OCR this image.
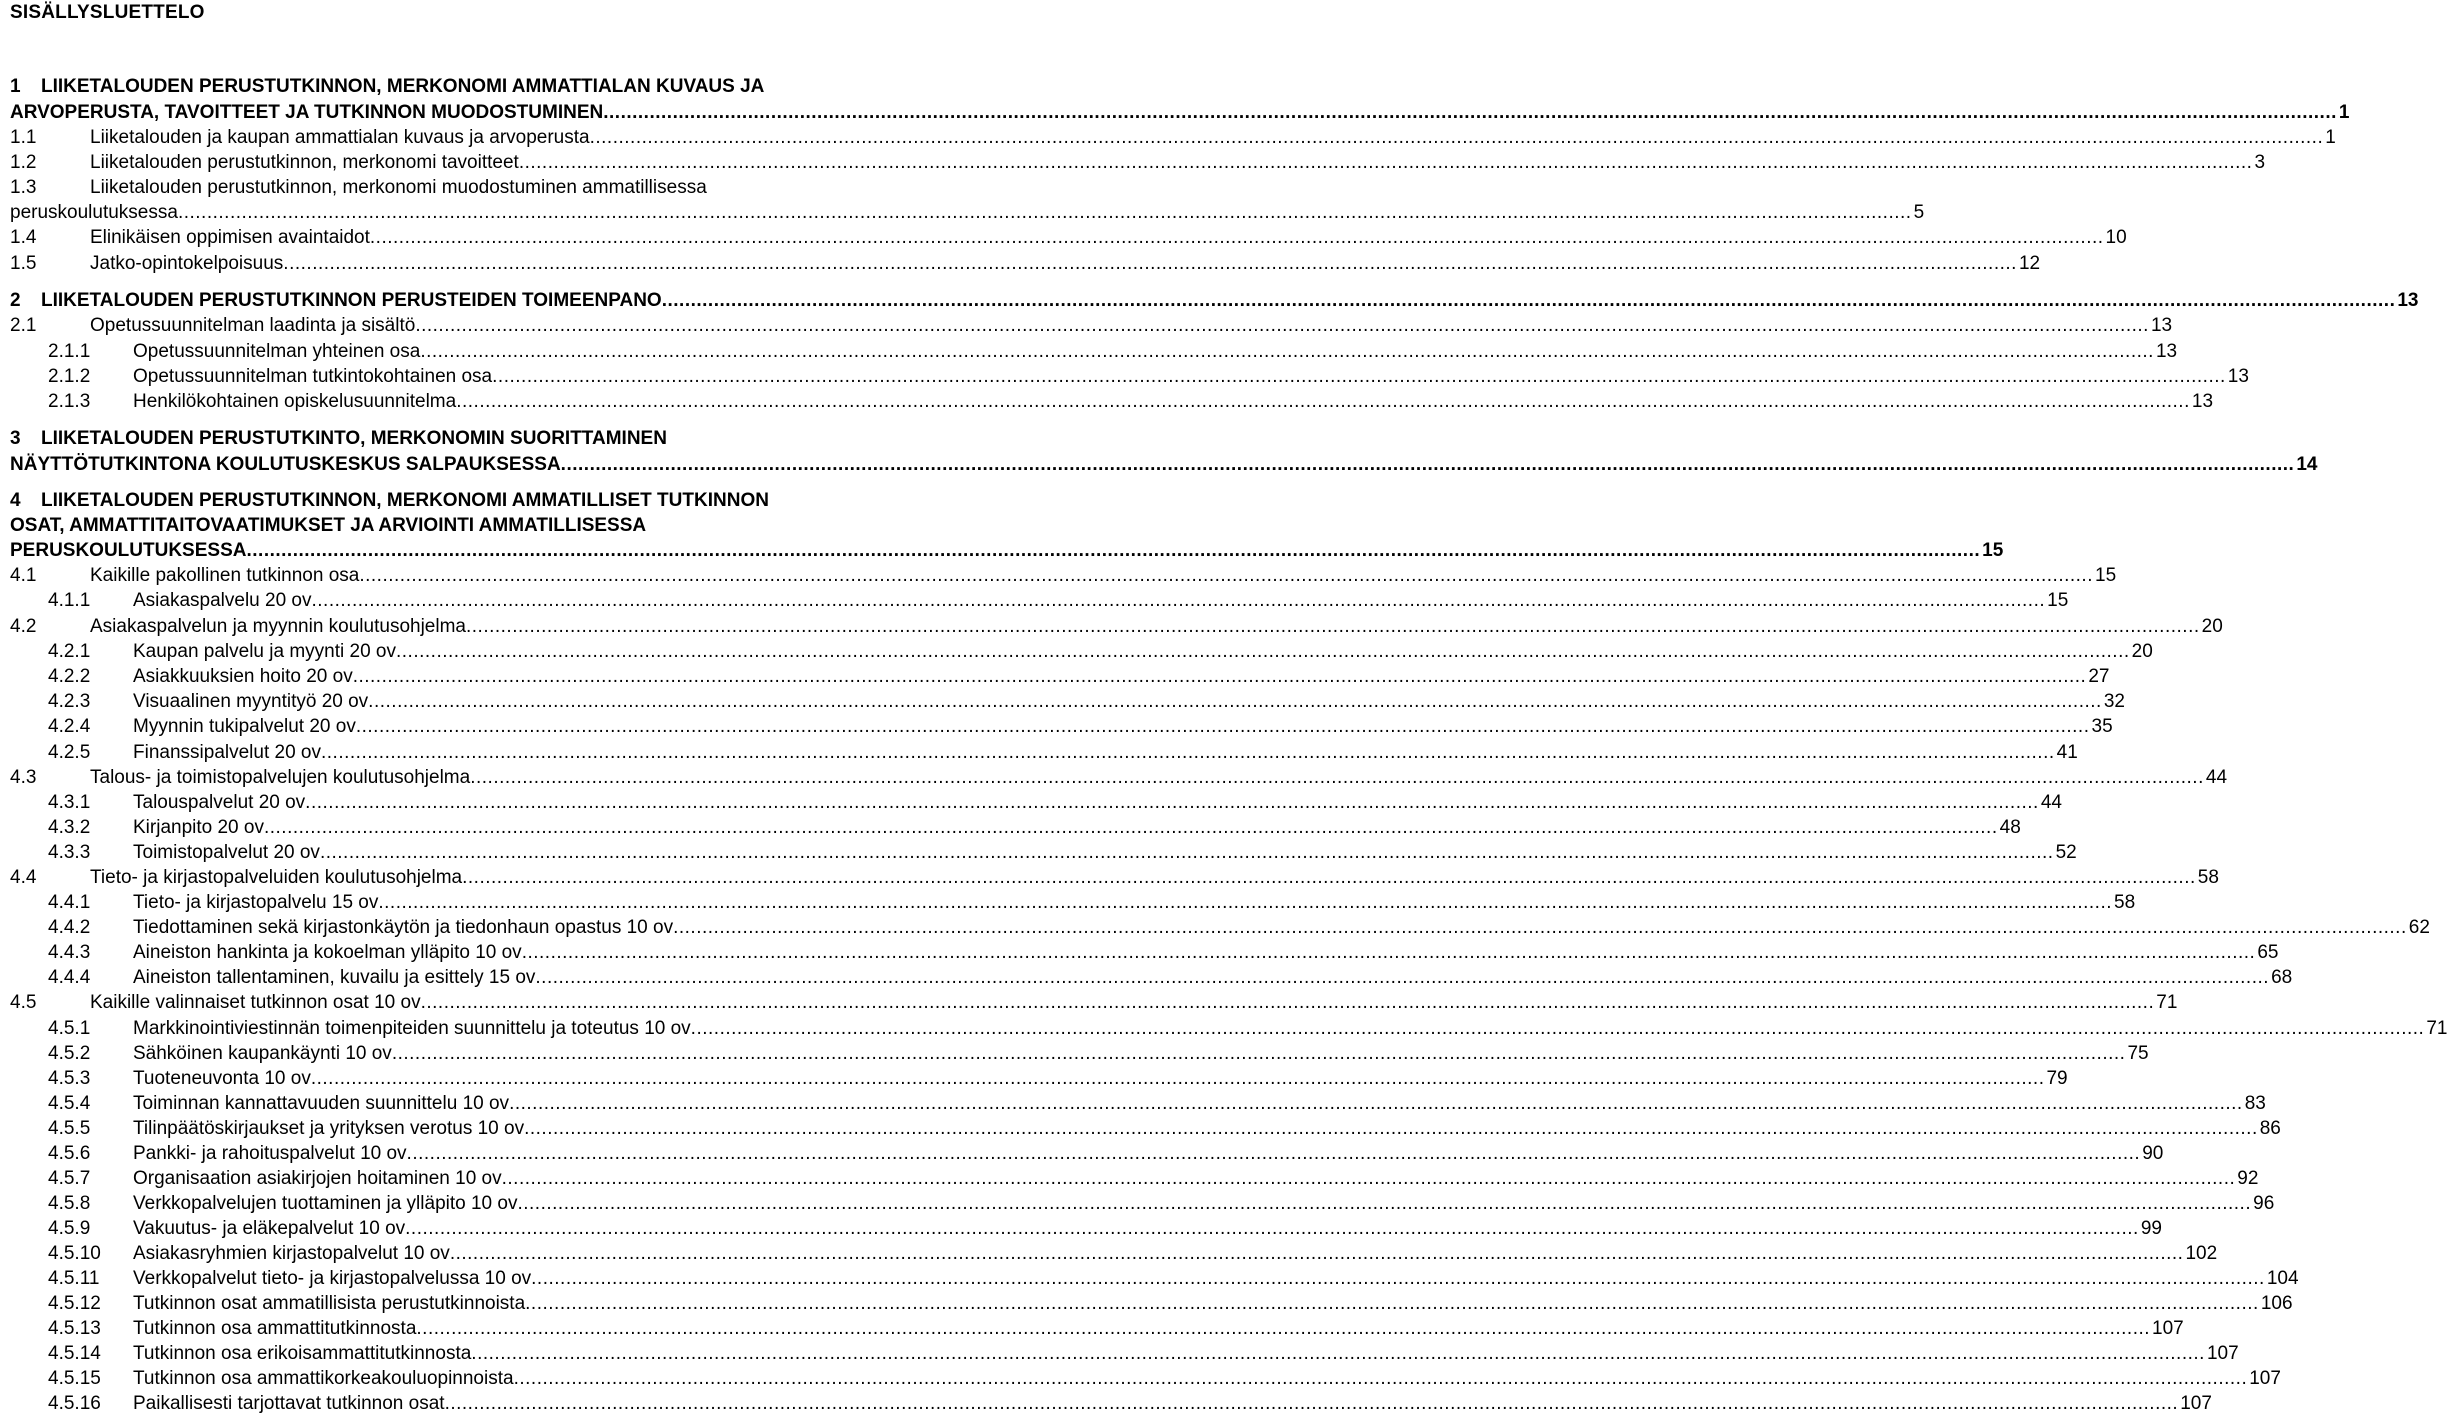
SISÄLLYSLUETTELO
1 LIIKETALOUDEN PERUSTUTKINNON, MERKONOMI AMMATTIALAN KUVAUS JA
ARVOPERUSTA, TAVOITTEET JA TUTKINNON MUODOSTUMINEN ............................................................................................................................................................................................................................................................................................................ 1
1.1	Liiketalouden ja kaupan ammattialan kuvaus ja arvoperusta ............................................................................................................................................................................................................................................................................................................ 1
1.2	Liiketalouden perustutkinnon, merkonomi tavoitteet ............................................................................................................................................................................................................................................................................................................ 3
1.3	Liiketalouden perustutkinnon, merkonomi muodostuminen ammatillisessa
peruskoulutuksessa ............................................................................................................................................................................................................................................................................................................ 5
1.4	Elinikäisen oppimisen avaintaidot ............................................................................................................................................................................................................................................................................................................ 10
1.5	Jatko-opintokelpoisuus ............................................................................................................................................................................................................................................................................................................ 12
2 LIIKETALOUDEN PERUSTUTKINNON PERUSTEIDEN TOIMEENPANO ............................................................................................................................................................................................................................................................................................................ 13
2.1	Opetussuunnitelman laadinta ja sisältö ............................................................................................................................................................................................................................................................................................................ 13
2.1.1 Opetussuunnitelman yhteinen osa ............................................................................................................................................................................................................................................................................................................ 13
2.1.2 Opetussuunnitelman tutkintokohtainen osa ............................................................................................................................................................................................................................................................................................................ 13
2.1.3 Henkilökohtainen opiskelusuunnitelma ............................................................................................................................................................................................................................................................................................................ 13
3 LIIKETALOUDEN PERUSTUTKINTO, MERKONOMIN SUORITTAMINEN
NÄYTTÖTUTKINTONA KOULUTUSKESKUS SALPAUKSESSA ............................................................................................................................................................................................................................................................................................................ 14
4 LIIKETALOUDEN PERUSTUTKINNON, MERKONOMI AMMATILLISET TUTKINNON
OSAT, AMMATTITAITOVAATIMUKSET JA ARVIOINTI AMMATILLISESSA
PERUSKOULUTUKSESSA ............................................................................................................................................................................................................................................................................................................ 15
4.1	Kaikille pakollinen tutkinnon osa ............................................................................................................................................................................................................................................................................................................ 15
4.1.1 Asiakaspalvelu 20 ov ............................................................................................................................................................................................................................................................................................................ 15
4.2	Asiakaspalvelun ja myynnin koulutusohjelma ............................................................................................................................................................................................................................................................................................................ 20
4.2.1 Kaupan palvelu ja myynti 20 ov ............................................................................................................................................................................................................................................................................................................ 20
4.2.2 Asiakkuuksien hoito 20 ov ............................................................................................................................................................................................................................................................................................................ 27
4.2.3 Visuaalinen myyntityö 20 ov ............................................................................................................................................................................................................................................................................................................ 32
4.2.4 Myynnin tukipalvelut 20 ov ............................................................................................................................................................................................................................................................................................................ 35
4.2.5 Finanssipalvelut 20 ov ............................................................................................................................................................................................................................................................................................................ 41
4.3	Talous- ja toimistopalvelujen koulutusohjelma ............................................................................................................................................................................................................................................................................................................ 44
4.3.1 Talouspalvelut 20 ov ............................................................................................................................................................................................................................................................................................................ 44
4.3.2 Kirjanpito 20 ov ............................................................................................................................................................................................................................................................................................................ 48
4.3.3 Toimistopalvelut 20 ov ............................................................................................................................................................................................................................................................................................................ 52
4.4	Tieto- ja kirjastopalveluiden koulutusohjelma ............................................................................................................................................................................................................................................................................................................ 58
4.4.1 Tieto- ja kirjastopalvelu 15 ov ............................................................................................................................................................................................................................................................................................................ 58
4.4.2 Tiedottaminen sekä kirjastonkäytön ja tiedonhaun opastus 10 ov ............................................................................................................................................................................................................................................................................................................ 62
4.4.3 Aineiston hankinta ja kokoelman ylläpito 10 ov ............................................................................................................................................................................................................................................................................................................ 65
4.4.4 Aineiston tallentaminen, kuvailu ja esittely 15 ov ............................................................................................................................................................................................................................................................................................................ 68
4.5	Kaikille valinnaiset tutkinnon osat 10 ov ............................................................................................................................................................................................................................................................................................................ 71
4.5.1 Markkinointiviestinnän toimenpiteiden suunnittelu ja toteutus 10 ov ............................................................................................................................................................................................................................................................................................................ 71
4.5.2 Sähköinen kaupankäynti 10 ov ............................................................................................................................................................................................................................................................................................................ 75
4.5.3 Tuoteneuvonta 10 ov ............................................................................................................................................................................................................................................................................................................ 79
4.5.4 Toiminnan kannattavuuden suunnittelu 10 ov ............................................................................................................................................................................................................................................................................................................ 83
4.5.5 Tilinpäätöskirjaukset ja yrityksen verotus 10 ov ............................................................................................................................................................................................................................................................................................................ 86
4.5.6 Pankki- ja rahoituspalvelut 10 ov ............................................................................................................................................................................................................................................................................................................ 90
4.5.7 Organisaation asiakirjojen hoitaminen 10 ov ............................................................................................................................................................................................................................................................................................................ 92
4.5.8 Verkkopalvelujen tuottaminen ja ylläpito 10 ov ............................................................................................................................................................................................................................................................................................................ 96
4.5.9 Vakuutus- ja eläkepalvelut 10 ov ............................................................................................................................................................................................................................................................................................................ 99
4.5.10 Asiakasryhmien kirjastopalvelut 10 ov ............................................................................................................................................................................................................................................................................................................ 102
4.5.11 Verkkopalvelut tieto- ja kirjastopalvelussa 10 ov ............................................................................................................................................................................................................................................................................................................ 104
4.5.12 Tutkinnon osat ammatillisista perustutkinnoista ............................................................................................................................................................................................................................................................................................................ 106
4.5.13 Tutkinnon osa ammattitutkinnosta ............................................................................................................................................................................................................................................................................................................ 107
4.5.14 Tutkinnon osa erikoisammattitutkinnosta ............................................................................................................................................................................................................................................................................................................ 107
4.5.15 Tutkinnon osa ammattikorkeakouluopinnoista ............................................................................................................................................................................................................................................................................................................ 107
4.5.16 Paikallisesti tarjottavat tutkinnon osat ............................................................................................................................................................................................................................................................................................................ 107
